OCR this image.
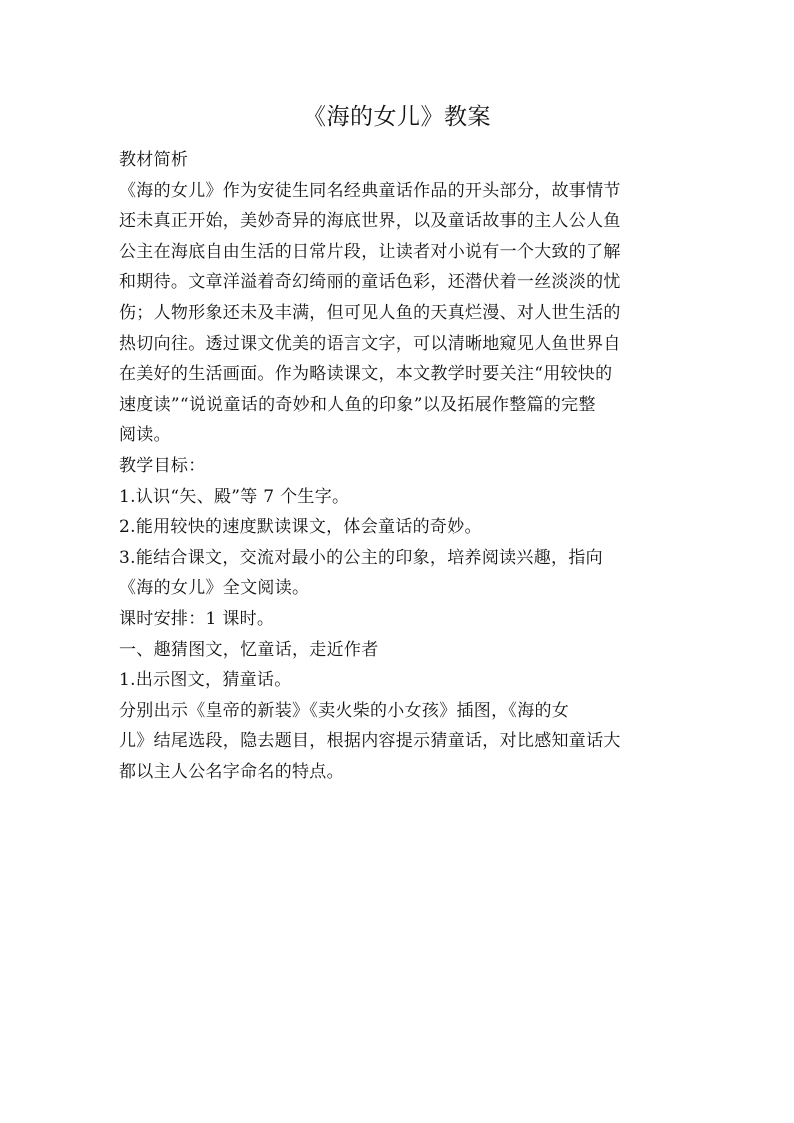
《海的女儿》教案
教材简析
《海的女儿》作为安徒生同名经典童话作品的开头部分，故事情节
还未真正开始，美妙奇异的海底世界，以及童话故事的主人公人鱼
公主在海底自由生活的日常片段，让读者对小说有一个大致的了解
和期待。文章洋溢着奇幻绮丽的童话色彩，还潜伏着一丝淡淡的忧
伤；人物形象还未及丰满，但可见人鱼的天真烂漫、对人世生活的
热切向往。透过课文优美的语言文字，可以清晰地窥见人鱼世界自
在美好的生活画面。作为略读课文，本文教学时要关注“用较快的
速度读”“说说童话的奇妙和人鱼的印象”以及拓展作整篇的完整
阅读。
教学目标：
1.认识“矢、殿”等 7 个生字。
2.能用较快的速度默读课文，体会童话的奇妙。
3.能结合课文，交流对最小的公主的印象，培养阅读兴趣，指向
《海的女儿》全文阅读。
课时安排：1 课时。
一、趣猜图文，忆童话，走近作者
1.出示图文，猜童话。
分别出示《皇帝的新装》《卖火柴的小女孩》插图，《海的女
儿》结尾选段，隐去题目，根据内容提示猜童话，对比感知童话大
都以主人公名字命名的特点。
